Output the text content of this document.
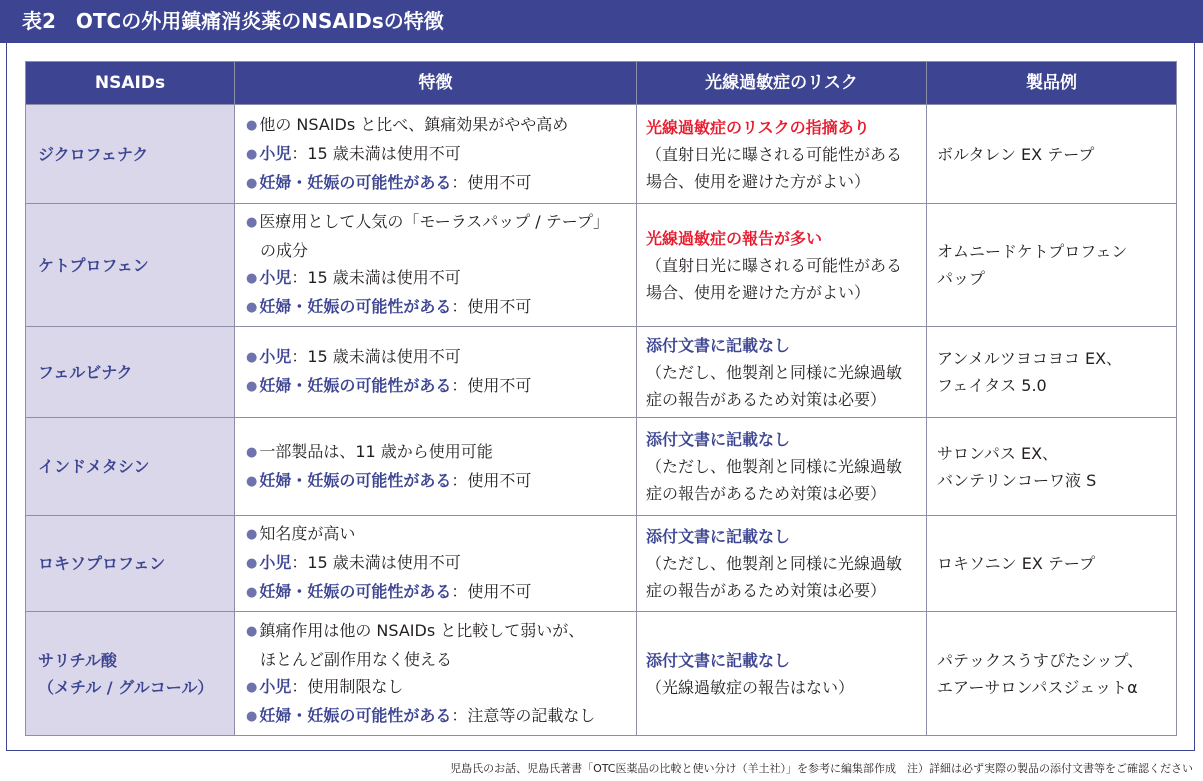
表2　OTCの外用鎮痛消炎薬のNSAIDsの特徴
NSAIDs	特徴	光線過敏症のリスク	製品例

ジクロフェナク	● 他の NSAIDs と比べ、鎮痛効果がやや高め
● 小児：15 歳未満は使用不可
● 妊婦・妊娠の可能性がある：使用不可	光線過敏症のリスクの指摘あり
（直射日光に曝される可能性がある
場合、使用を避けた方がよい）	ボルタレン EX テープ

ケトプロフェン	● 医療用として人気の「モーラスパップ / テープ」
の成分
● 小児：15 歳未満は使用不可
● 妊婦・妊娠の可能性がある：使用不可	光線過敏症の報告が多い
（直射日光に曝される可能性がある
場合、使用を避けた方がよい）	オムニードケトプロフェン
パップ

フェルビナク	● 小児：15 歳未満は使用不可
● 妊婦・妊娠の可能性がある：使用不可	添付文書に記載なし
（ただし、他製剤と同様に光線過敏
症の報告があるため対策は必要）	アンメルツヨコヨコ EX、
フェイタス 5.0

インドメタシン	● 一部製品は、11 歳から使用可能
● 妊婦・妊娠の可能性がある：使用不可	添付文書に記載なし
（ただし、他製剤と同様に光線過敏
症の報告があるため対策は必要）	サロンパス EX、
バンテリンコーワ液 S

ロキソプロフェン	● 知名度が高い
● 小児：15 歳未満は使用不可
● 妊婦・妊娠の可能性がある：使用不可	添付文書に記載なし
（ただし、他製剤と同様に光線過敏
症の報告があるため対策は必要）	ロキソニン EX テープ

サリチル酸
（メチル / グルコール）	● 鎮痛作用は他の NSAIDs と比較して弱いが、
ほとんど副作用なく使える
● 小児：使用制限なし
● 妊婦・妊娠の可能性がある：注意等の記載なし	添付文書に記載なし
（光線過敏症の報告はない）	パテックスうすぴたシップ、
エアーサロンパスジェットα
児島氏のお話、児島氏著書「OTC医薬品の比較と使い分け（羊土社）」を参考に編集部作成　注）詳細は必ず実際の製品の添付文書等をご確認ください
